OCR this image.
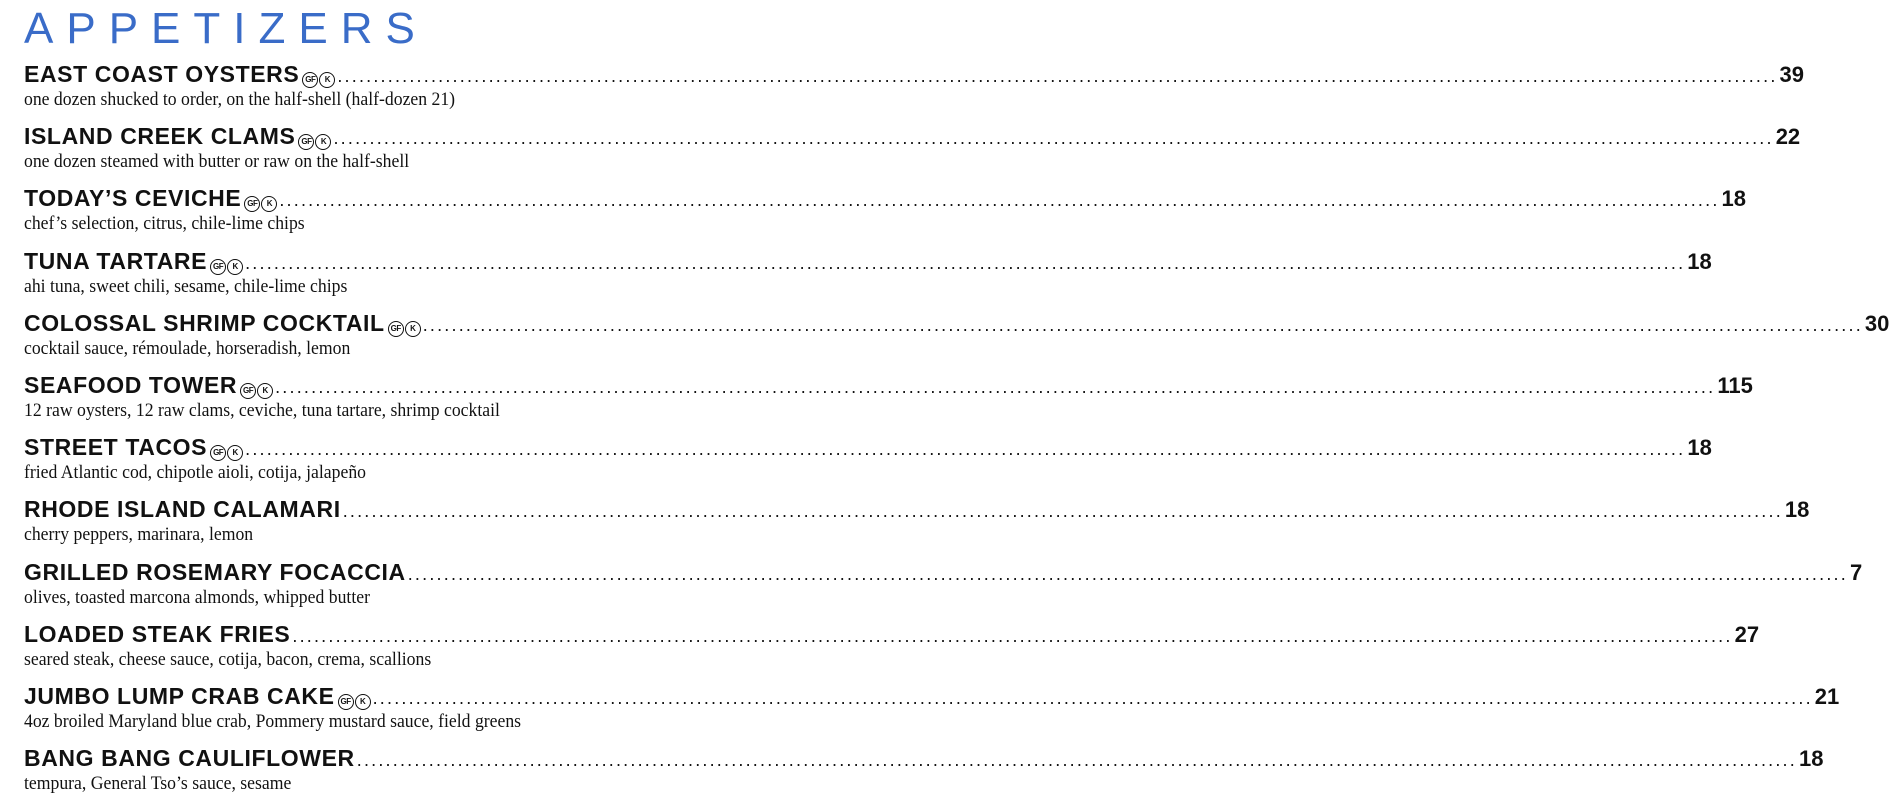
APPETIZERS
EAST COAST OYSTERS GF	K ........................................................................................................................................................................................................ 39
one dozen shucked to order, on the half-shell (half-dozen 21)
ISLAND CREEK CLAMS GF	K ........................................................................................................................................................................................................ 22
one dozen steamed with butter or raw on the half-shell
TODAY’S CEVICHE GF	K ........................................................................................................................................................................................................ 18
chef’s selection, citrus, chile-lime chips
TUNA TARTARE GF	K ........................................................................................................................................................................................................ 18
ahi tuna, sweet chili, sesame, chile-lime chips
COLOSSAL SHRIMP COCKTAIL GF	K ........................................................................................................................................................................................................ 30
cocktail sauce, rémoulade, horseradish, lemon
SEAFOOD TOWER GF	K ........................................................................................................................................................................................................ 115
12 raw oysters, 12 raw clams, ceviche, tuna tartare, shrimp cocktail
STREET TACOS GF	K ........................................................................................................................................................................................................ 18
fried Atlantic cod, chipotle aioli, cotija, jalapeño
RHODE ISLAND CALAMARI ........................................................................................................................................................................................................ 18
cherry peppers, marinara, lemon
GRILLED ROSEMARY FOCACCIA ........................................................................................................................................................................................................ 7
olives, toasted marcona almonds, whipped butter
LOADED STEAK FRIES ........................................................................................................................................................................................................ 27
seared steak, cheese sauce, cotija, bacon, crema, scallions
JUMBO LUMP CRAB CAKE GF	K ........................................................................................................................................................................................................ 21
4oz broiled Maryland blue crab, Pommery mustard sauce, field greens
BANG BANG CAULIFLOWER ........................................................................................................................................................................................................ 18
tempura, General Tso’s sauce, sesame
